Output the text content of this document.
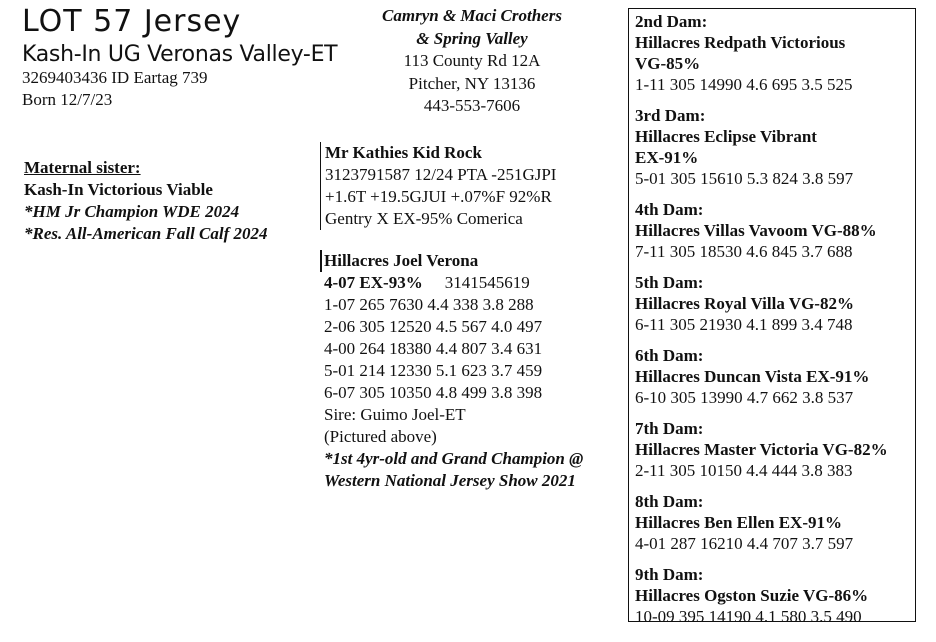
LOT 57 Jersey
Kash-In UG Veronas Valley-ET
3269403436 ID Eartag 739
Born 12/7/23
Maternal sister:
Kash-In Victorious Viable
*HM Jr Champion WDE 2024
*Res. All-American Fall Calf 2024
Camryn & Maci Crothers
& Spring Valley
113 County Rd 12A
Pitcher, NY 13136
443-553-7606
Mr Kathies Kid Rock
3123791587 12/24 PTA -251GJPI
+1.6T +19.5GJUI +.07%F 92%R
Gentry X EX-95% Comerica
Hillacres Joel Verona
4-07 EX-93% 3141545619
1-07 265 7630 4.4 338 3.8 288
2-06 305 12520 4.5 567 4.0 497
4-00 264 18380 4.4 807 3.4 631
5-01 214 12330 5.1 623 3.7 459
6-07 305 10350 4.8 499 3.8 398
Sire: Guimo Joel-ET
(Pictured above)
*1st 4yr-old and Grand Champion @
Western National Jersey Show 2021
2nd Dam:
Hillacres Redpath Victorious
VG-85%
1-11 305 14990 4.6 695 3.5 525
3rd Dam:
Hillacres Eclipse Vibrant
EX-91%
5-01 305 15610 5.3 824 3.8 597
4th Dam:
Hillacres Villas Vavoom VG-88%
7-11 305 18530 4.6 845 3.7 688
5th Dam:
Hillacres Royal Villa VG-82%
6-11 305 21930 4.1 899 3.4 748
6th Dam:
Hillacres Duncan Vista EX-91%
6-10 305 13990 4.7 662 3.8 537
7th Dam:
Hillacres Master Victoria VG-82%
2-11 305 10150 4.4 444 3.8 383
8th Dam:
Hillacres Ben Ellen EX-91%
4-01 287 16210 4.4 707 3.7 597
9th Dam:
Hillacres Ogston Suzie VG-86%
10-09 395 14190 4.1 580 3.5 490
